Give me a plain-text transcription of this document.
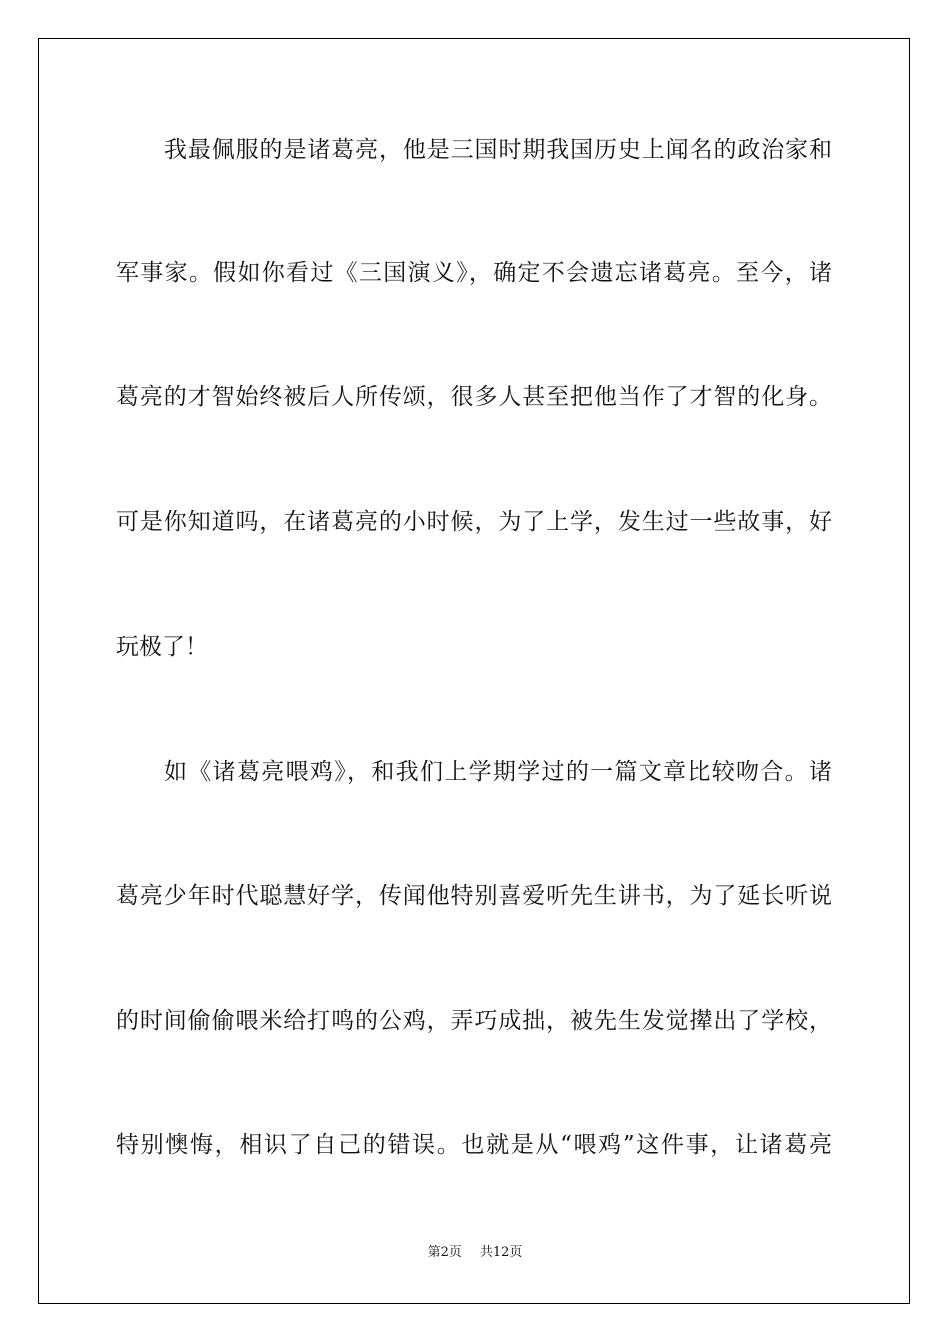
我最佩服的是诸葛亮，他是三国时期我国历史上闻名的政治家和
军事家。假如你看过《三国演义》，确定不会遗忘诸葛亮。至今，诸
葛亮的才智始终被后人所传颂，很多人甚至把他当作了才智的化身。
可是你知道吗，在诸葛亮的小时候，为了上学，发生过一些故事，好
玩极了！
如《诸葛亮喂鸡》，和我们上学期学过的一篇文章比较吻合。诸
葛亮少年时代聪慧好学，传闻他特别喜爱听先生讲书，为了延长听说
的时间偷偷喂米给打鸣的公鸡，弄巧成拙，被先生发觉撵出了学校，
特别懊悔，相识了自己的错误。也就是从“喂鸡”这件事，让诸葛亮
第2页 共12页
